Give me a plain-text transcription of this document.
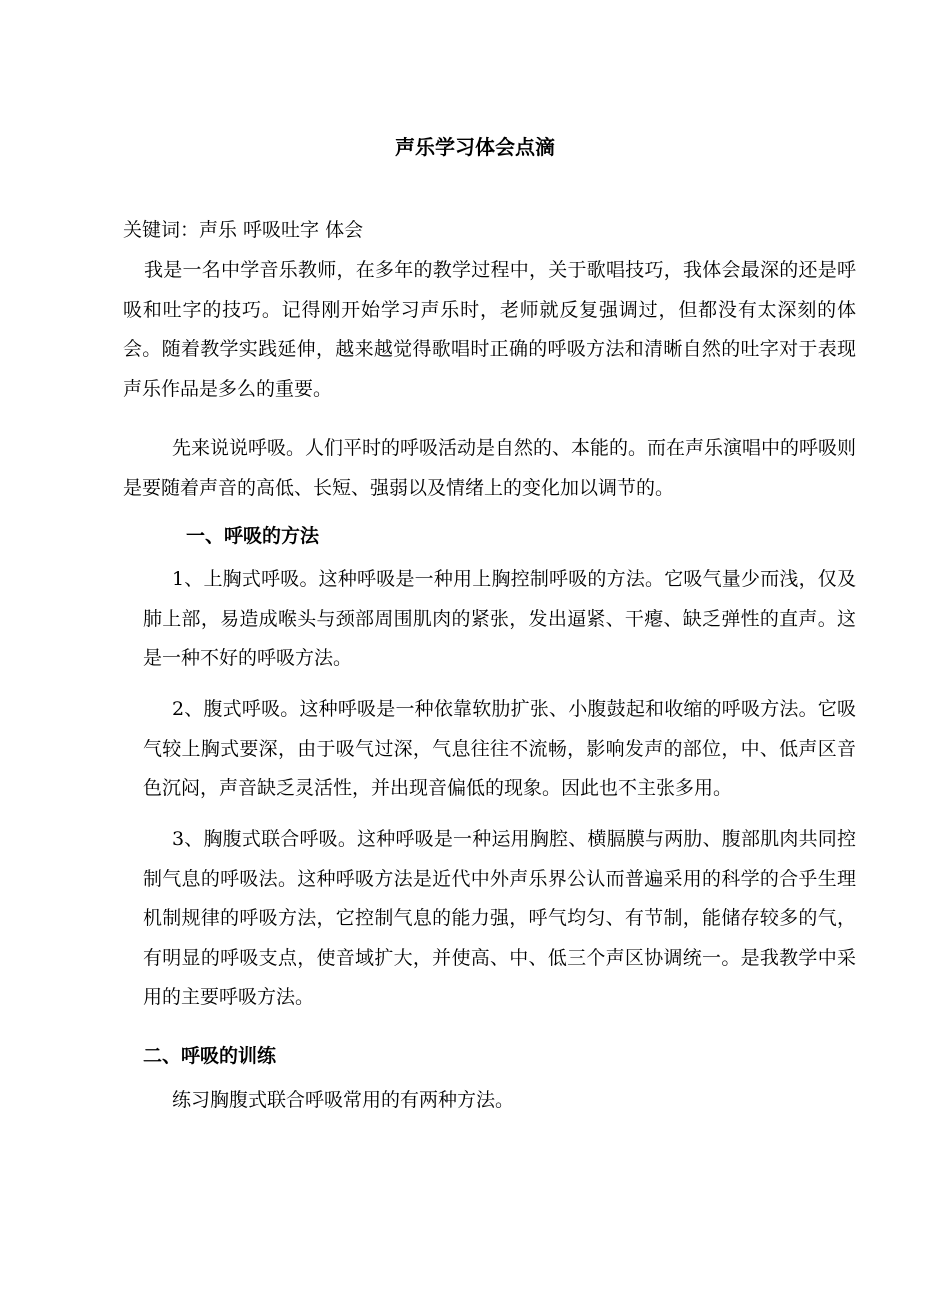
声乐学习体会点滴

关键词：声乐 呼吸吐字 体会

我是一名中学音乐教师，在多年的教学过程中，关于歌唱技巧，我体会最深的还是呼吸和吐字的技巧。记得刚开始学习声乐时，老师就反复强调过，但都没有太深刻的体会。随着教学实践延伸，越来越觉得歌唱时正确的呼吸方法和清晰自然的吐字对于表现声乐作品是多么的重要。

先来说说呼吸。人们平时的呼吸活动是自然的、本能的。而在声乐演唱中的呼吸则是要随着声音的高低、长短、强弱以及情绪上的变化加以调节的。

一、呼吸的方法

1、上胸式呼吸。这种呼吸是一种用上胸控制呼吸的方法。它吸气量少而浅，仅及肺上部，易造成喉头与颈部周围肌肉的紧张，发出逼紧、干瘪、缺乏弹性的直声。这是一种不好的呼吸方法。

2、腹式呼吸。这种呼吸是一种依靠软肋扩张、小腹鼓起和收缩的呼吸方法。它吸气较上胸式要深，由于吸气过深，气息往往不流畅，影响发声的部位，中、低声区音色沉闷，声音缺乏灵活性，并出现音偏低的现象。因此也不主张多用。

3、胸腹式联合呼吸。这种呼吸是一种运用胸腔、横膈膜与两肋、腹部肌肉共同控制气息的呼吸法。这种呼吸方法是近代中外声乐界公认而普遍采用的科学的合乎生理机制规律的呼吸方法，它控制气息的能力强，呼气均匀、有节制，能储存较多的气，有明显的呼吸支点，使音域扩大，并使高、中、低三个声区协调统一。是我教学中采用的主要呼吸方法。

二、呼吸的训练

练习胸腹式联合呼吸常用的有两种方法。
